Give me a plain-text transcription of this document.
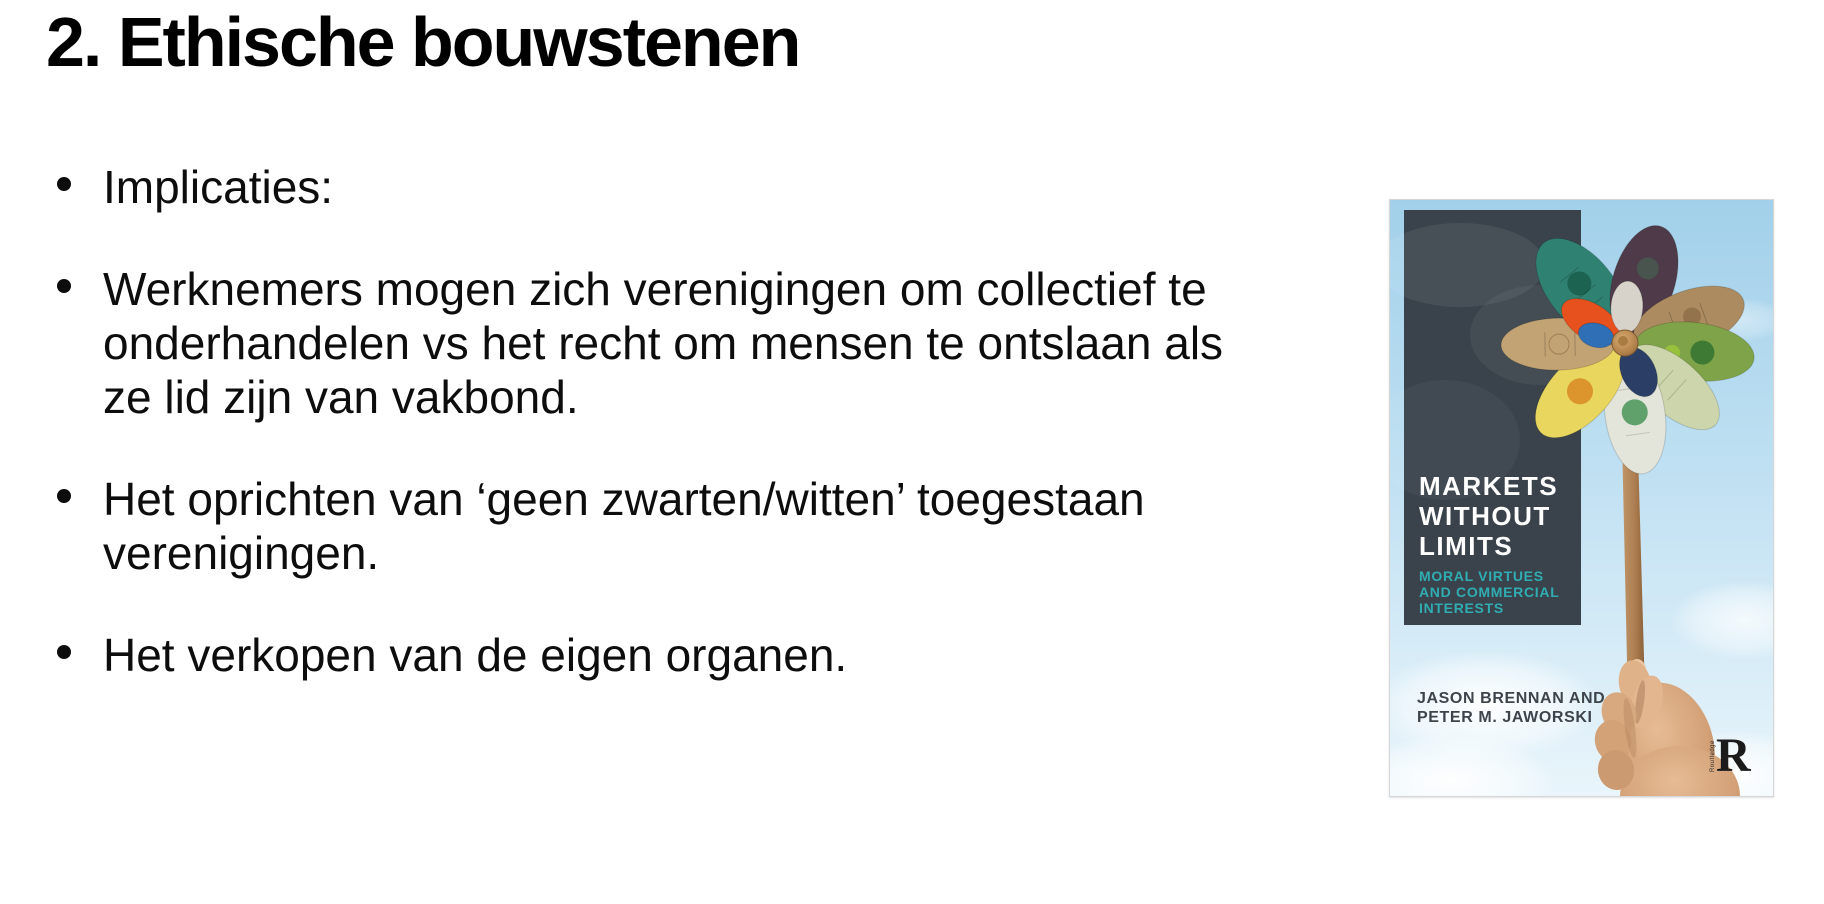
2. Ethische bouwstenen
Implicaties:
Werknemers mogen zich verenigingen om collectief te
onderhandelen vs het recht om mensen te ontslaan als
ze lid zijn van vakbond.
Het oprichten van ‘geen zwarten/witten’ toegestaan
verenigingen.
Het verkopen van de eigen organen.
MARKETS
WITHOUT
LIMITS
MORAL VIRTUES
AND COMMERCIAL
INTERESTS
JASON BRENNAN AND
PETER M. JAWORSKI
R
Routledge
